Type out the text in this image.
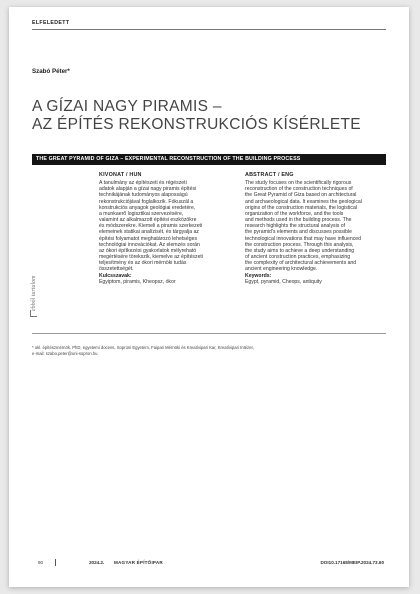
ELFELEDETT
Szabó Péter*
A GÍZAI NAGY PIRAMIS –
AZ ÉPÍTÉS REKONSTRUKCIÓS KÍSÉRLETE
THE GREAT PYRAMID OF GIZA – EXPERIMENTAL RECONSTRUCTION OF THE BUILDING PROCESS
ebből tartalom
KIVONAT / HUN
A tanulmány az építészeti és régészeti
adatok alapján a gízai nagy piramis építési
technikájának tudományos alaposságú
rekonstrukciójával foglalkozik. Fókuszál a
konstrukciós anyagok geológiai eredetére,
a munkaerő logisztikai szervezésére,
valamint az alkalmazott építési eszközökre
és módszerekre. Kiemeli a piramis szerkezeti
elemeinek statikai analízisét, és tárgyalja az
építési folyamatot meghatározó lehetséges
technológiai innovációkat. Az elemzés során
az ókori építkezési gyakorlatok mélyreható
megértésére törekszik, kiemelve az építészeti
teljesítmény és az ókori mérnöki tudás
összetettségét.
Kulcsszavak:
Egyiptom, piramis, Kheopsz, ókor
ABSTRACT / ENG
The study focuses on the scientifically rigorous
reconstruction of the construction techniques of
the Great Pyramid of Giza based on architectural
and archaeological data. It examines the geological
origins of the construction materials, the logistical
organization of the workforce, and the tools
and methods used in the building process. The
research highlights the structural analysis of
the pyramid's elements and discusses possible
technological innovations that may have influenced
the construction process. Through this analysis,
the study aims to achieve a deep understanding
of ancient construction practices, emphasizing
the complexity of architectural achievements and
ancient engineering knowledge.
Keywords:
Egypt, pyramid, Cheops, antiquity
* okl. építészmérnök, PhD, egyetemi docens, Soproni Egyetem, Faipari Mérnöki és Kreatívipari Kar, Kreatívipari Intézet,
e-mail: szabo.peter@uni-sopron.hu
60	2024.2. MAGYAR ÉPÍTŐIPAR	DOI10.17168/MEIP.2024.73.60
